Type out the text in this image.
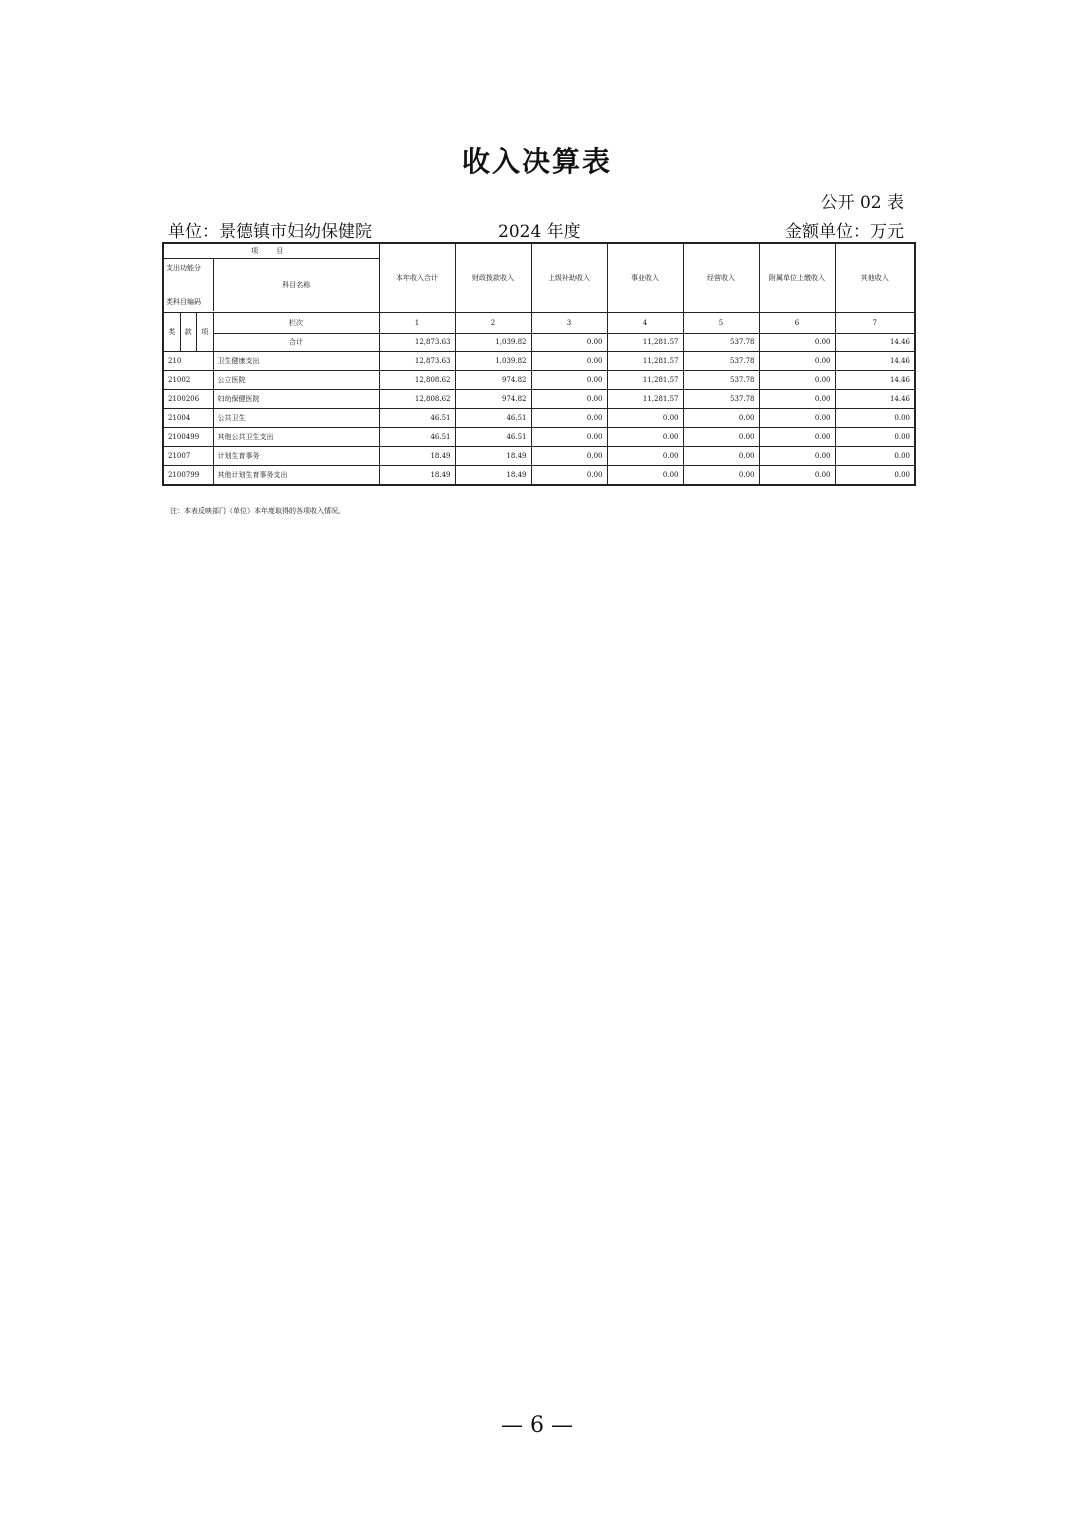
收入决算表
公开 02 表
单位：景德镇市妇幼保健院	2024 年度	金额单位：万元
项 目
支出功能分
类科目编码
科目名称		本年收入合计	财政拨款收入	上级补助收入	事业收入	经营收入	附属单位上缴收入	其他收入

类 款 项	栏次	1	2	3	4	5	6	7
	合计	12,873.63	1,039.82	0.00	11,281.57	537.78	0.00	14.46
210	卫生健康支出	12,873.63	1,039.82	0.00	11,281.57	537.78	0.00	14.46
21002	公立医院	12,808.62	974.82	0.00	11,281.57	537.78	0.00	14.46
2100206	妇幼保健医院	12,808.62	974.82	0.00	11,281.57	537.78	0.00	14.46
21004	公共卫生	46.51	46.51	0.00	0.00	0.00	0.00	0.00
2100499	其他公共卫生支出	46.51	46.51	0.00	0.00	0.00	0.00	0.00
21007	计划生育事务	18.49	18.49	0.00	0.00	0.00	0.00	0.00
2100799	其他计划生育事务支出	18.49	18.49	0.00	0.00	0.00	0.00	0.00
注：本表反映部门（单位）本年度取得的各项收入情况。
— 6 —
